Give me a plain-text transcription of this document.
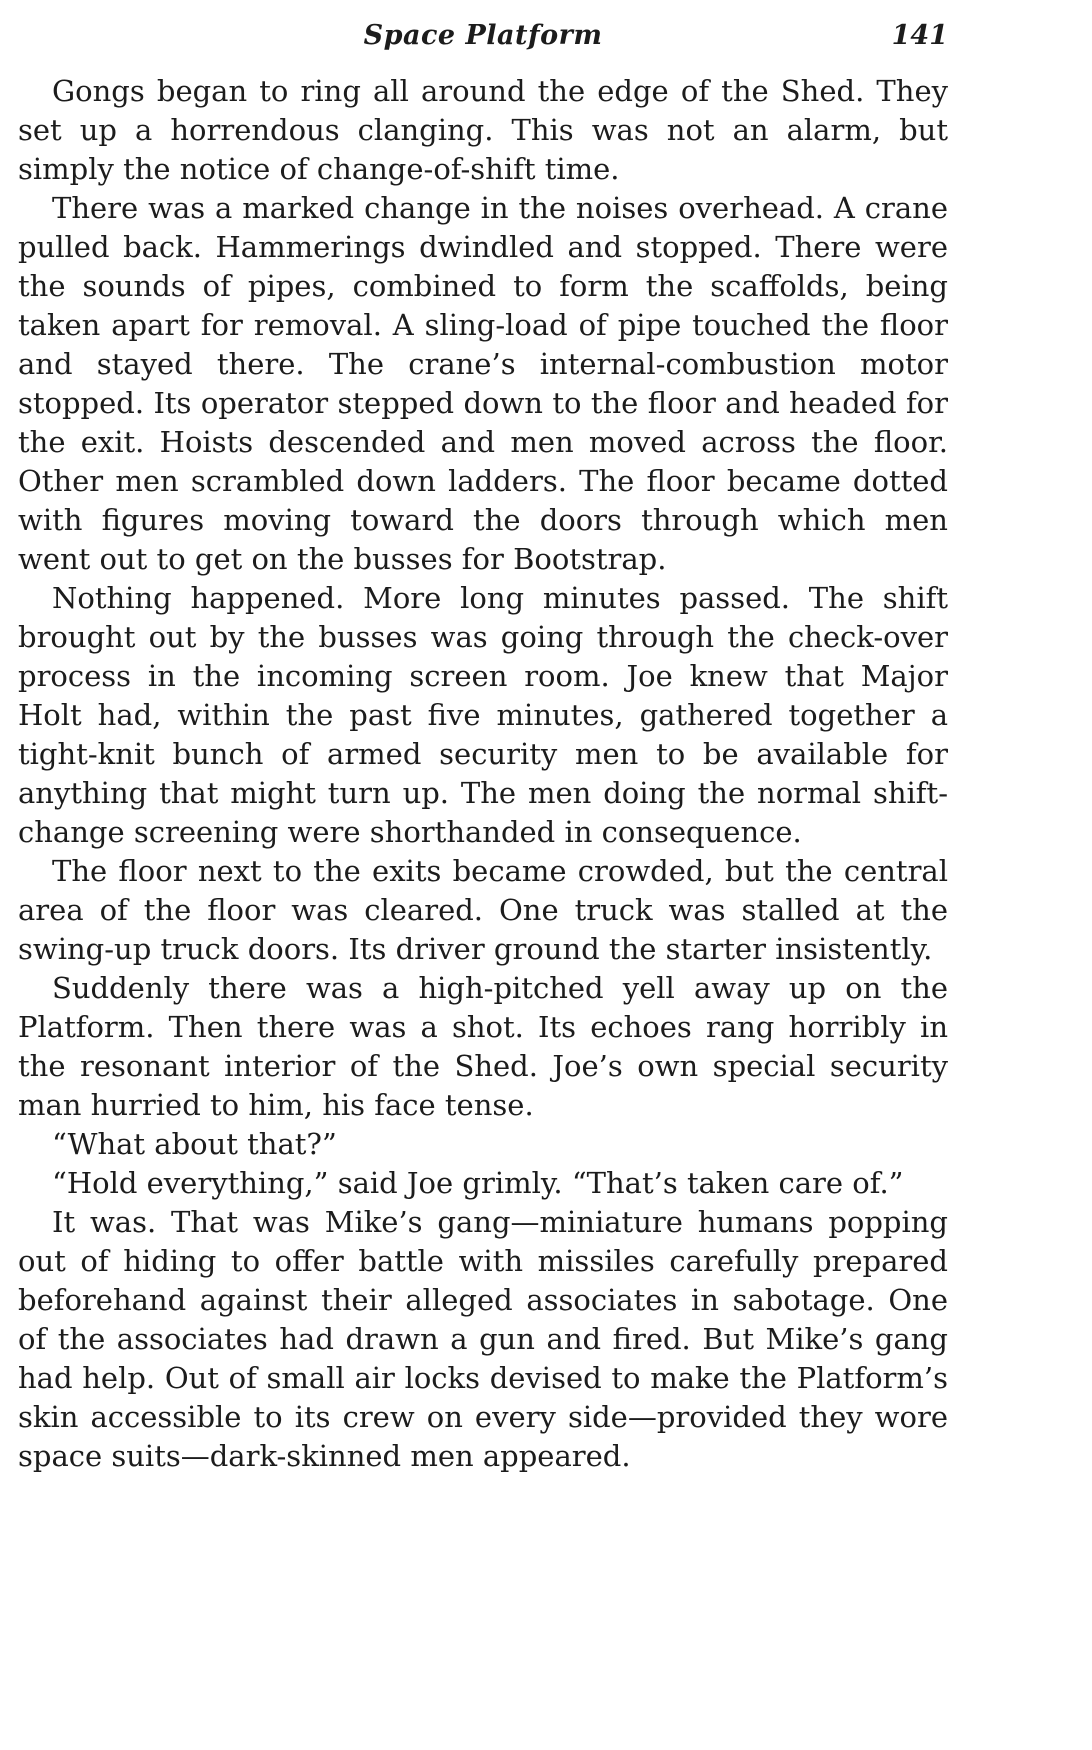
Space Platform	141

Gongs began to ring all around the edge of the Shed. They set up a horrendous clanging. This was not an alarm, but simply the notice of change-of-shift time.

There was a marked change in the noises overhead. A crane pulled back. Hammerings dwindled and stopped. There were the sounds of pipes, combined to form the scaffolds, being taken apart for removal. A sling-load of pipe touched the floor and stayed there. The crane’s internal-combustion motor stopped. Its operator stepped down to the floor and headed for the exit. Hoists descended and men moved across the floor. Other men scrambled down ladders. The floor became dotted with figures moving toward the doors through which men went out to get on the busses for Bootstrap.

Nothing happened. More long minutes passed. The shift brought out by the busses was going through the check-over process in the incoming screen room. Joe knew that Major Holt had, within the past five minutes, gathered together a tight-knit bunch of armed security men to be available for anything that might turn up. The men doing the normal shift-change screening were shorthanded in consequence.

The floor next to the exits became crowded, but the central area of the floor was cleared. One truck was stalled at the swing-up truck doors. Its driver ground the starter insistently.

Suddenly there was a high-pitched yell away up on the Platform. Then there was a shot. Its echoes rang horribly in the resonant interior of the Shed. Joe’s own special security man hurried to him, his face tense.

“What about that?”

“Hold everything,” said Joe grimly. “That’s taken care of.”

It was. That was Mike’s gang—miniature humans popping out of hiding to offer battle with missiles carefully prepared beforehand against their alleged associates in sabotage. One of the associates had drawn a gun and fired. But Mike’s gang had help. Out of small air locks devised to make the Platform’s skin accessible to its crew on every side—provided they wore space suits—dark-skinned men appeared.
